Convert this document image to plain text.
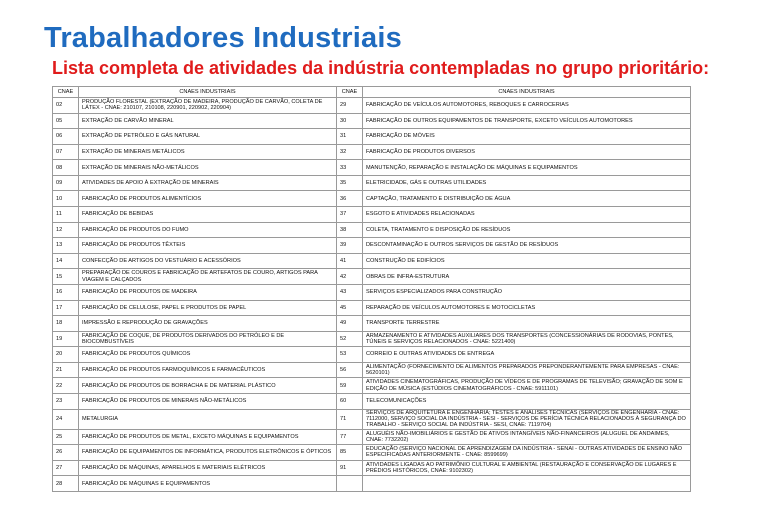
Trabalhadores Industriais
Lista completa de atividades da indústria contempladas no grupo prioritário:
CNAE	CNAES INDUSTRIAIS	CNAE	CNAES INDUSTRIAIS
02	PRODUÇÃO FLORESTAL (EXTRAÇÃO DE MADEIRA, PRODUÇÃO DE CARVÃO, COLETA DE LÁTEX - CNAE: 210107, 210108, 220901, 220902, 220904)	29	FABRICAÇÃO DE VEÍCULOS AUTOMOTORES, REBOQUES E CARROCERIAS
05	EXTRAÇÃO DE CARVÃO MINERAL	30	FABRICAÇÃO DE OUTROS EQUIPAMENTOS DE TRANSPORTE, EXCETO VEÍCULOS AUTOMOTORES
06	EXTRAÇÃO DE PETRÓLEO E GÁS NATURAL	31	FABRICAÇÃO DE MÓVEIS
07	EXTRAÇÃO DE MINERAIS METÁLICOS	32	FABRICAÇÃO DE PRODUTOS DIVERSOS
08	EXTRAÇÃO DE MINERAIS NÃO-METÁLICOS	33	MANUTENÇÃO, REPARAÇÃO E INSTALAÇÃO DE MÁQUINAS E EQUIPAMENTOS
09	ATIVIDADES DE APOIO À EXTRAÇÃO DE MINERAIS	35	ELETRICIDADE, GÁS E OUTRAS UTILIDADES
10	FABRICAÇÃO DE PRODUTOS ALIMENTÍCIOS	36	CAPTAÇÃO, TRATAMENTO E DISTRIBUIÇÃO DE ÁGUA
11	FABRICAÇÃO DE BEBIDAS	37	ESGOTO E ATIVIDADES RELACIONADAS
12	FABRICAÇÃO DE PRODUTOS DO FUMO	38	COLETA, TRATAMENTO E DISPOSIÇÃO DE RESÍDUOS
13	FABRICAÇÃO DE PRODUTOS TÊXTEIS	39	DESCONTAMINAÇÃO E OUTROS SERVIÇOS DE GESTÃO DE RESÍDUOS
14	CONFECÇÃO DE ARTIGOS DO VESTUÁRIO E ACESSÓRIOS	41	CONSTRUÇÃO DE EDIFÍCIOS
15	PREPARAÇÃO DE COUROS E FABRICAÇÃO DE ARTEFATOS DE COURO, ARTIGOS PARA VIAGEM E CALÇADOS	42	OBRAS DE INFRA-ESTRUTURA
16	FABRICAÇÃO DE PRODUTOS DE MADEIRA	43	SERVIÇOS ESPECIALIZADOS PARA CONSTRUÇÃO
17	FABRICAÇÃO DE CELULOSE, PAPEL E PRODUTOS DE PAPEL	45	REPARAÇÃO DE VEÍCULOS AUTOMOTORES E MOTOCICLETAS
18	IMPRESSÃO E REPRODUÇÃO DE GRAVAÇÕES	49	TRANSPORTE TERRESTRE
19	FABRICAÇÃO DE COQUE, DE PRODUTOS DERIVADOS DO PETRÓLEO E DE BIOCOMBUSTÍVEIS	52	ARMAZENAMENTO E ATIVIDADES AUXILIARES DOS TRANSPORTES (CONCESSIONÁRIAS DE RODOVIAS, PONTES, TÚNEIS E SERVIÇOS RELACIONADOS - CNAE: 5221400)
20	FABRICAÇÃO DE PRODUTOS QUÍMICOS	53	CORREIO E OUTRAS ATIVIDADES DE ENTREGA
21	FABRICAÇÃO DE PRODUTOS FARMOQUÍMICOS E FARMACÊUTICOS	56	ALIMENTAÇÃO (FORNECIMENTO DE ALIMENTOS PREPARADOS PREPONDERANTEMENTE PARA EMPRESAS - CNAE: 5620101)
22	FABRICAÇÃO DE PRODUTOS DE BORRACHA E DE MATERIAL PLÁSTICO	59	ATIVIDADES CINEMATOGRÁFICAS, PRODUÇÃO DE VÍDEOS E DE PROGRAMAS DE TELEVISÃO; GRAVAÇÃO DE SOM E EDIÇÃO DE MÚSICA (ESTÚDIOS CINEMATOGRÁFICOS - CNAE: 5911101)
23	FABRICAÇÃO DE PRODUTOS DE MINERAIS NÃO-METÁLICOS	60	TELECOMUNICAÇÕES
24	METALURGIA	71	SERVIÇOS DE ARQUITETURA E ENGENHARIA; TESTES E ANÁLISES TÉCNICAS (SERVIÇOS DE ENGENHARIA - CNAE: 7112000, SERVIÇO SOCIAL DA INDÚSTRIA - SESI - SERVIÇOS DE PERÍCIA TÉCNICA RELACIONADOS À SEGURANÇA DO TRABALHO - SERVIÇO SOCIAL DA INDÚSTRIA - SESI, CNAE: 7119704)
25	FABRICAÇÃO DE PRODUTOS DE METAL, EXCETO MÁQUINAS E EQUIPAMENTOS	77	ALUGUÉIS NÃO-IMOBILIÁRIOS E GESTÃO DE ATIVOS INTANGÍVEIS NÃO-FINANCEIROS (ALUGUEL DE ANDAIMES, CNAE: 7732202)
26	FABRICAÇÃO DE EQUIPAMENTOS DE INFORMÁTICA, PRODUTOS ELETRÔNICOS E ÓPTICOS	85	EDUCAÇÃO (SERVIÇO NACIONAL DE APRENDIZAGEM DA INDÚSTRIA - SENAI - OUTRAS ATIVIDADES DE ENSINO NÃO ESPECIFICADAS ANTERIORMENTE - CNAE: 8599699)
27	FABRICAÇÃO DE MÁQUINAS, APARELHOS E MATERIAIS ELÉTRICOS	91	ATIVIDADES LIGADAS AO PATRIMÔNIO CULTURAL E AMBIENTAL (RESTAURAÇÃO E CONSERVAÇÃO DE LUGARES E PRÉDIOS HISTÓRICOS, CNAE: 9102302)
28	FABRICAÇÃO DE MÁQUINAS E EQUIPAMENTOS		
